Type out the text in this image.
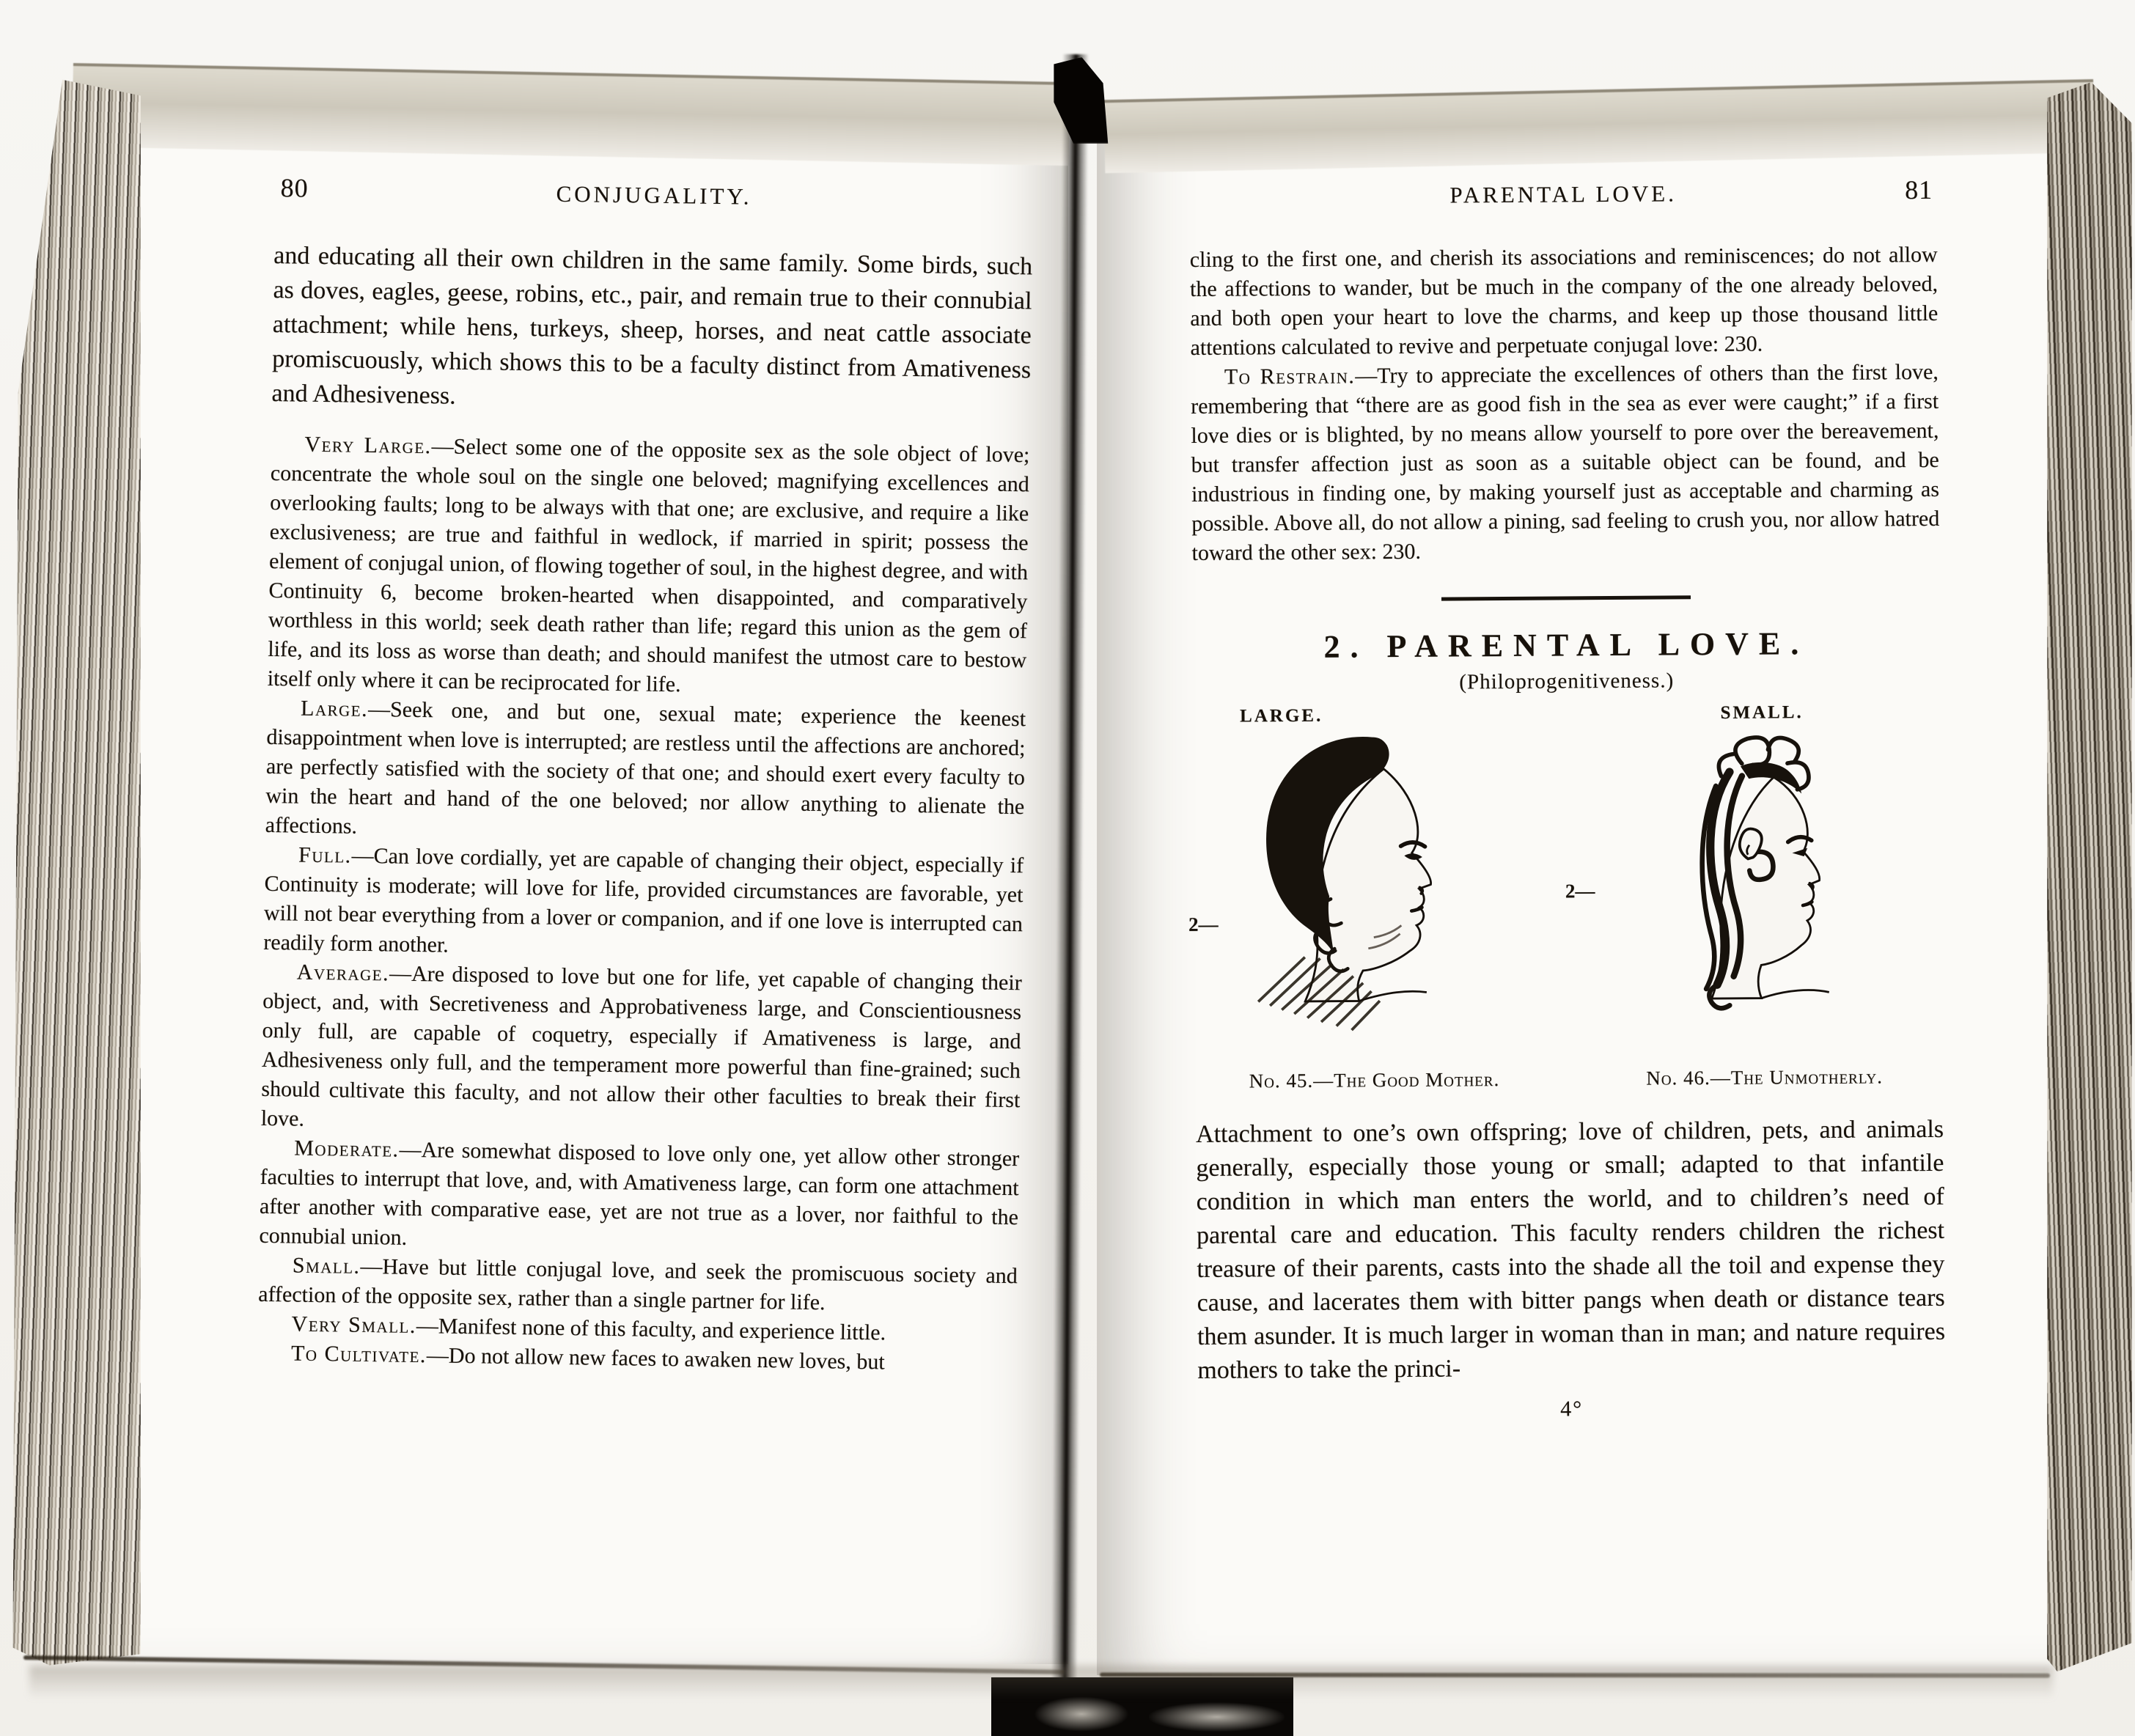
80	CONJUGALITY.

and educating all their own children in the same family. Some birds, such as doves, eagles, geese, robins, etc., pair, and remain true to their connubial attachment; while hens, turkeys, sheep, horses, and neat cattle associate promiscuously, which shows this to be a faculty distinct from Amativeness and Adhesiveness.

Very Large.—Select some one of the opposite sex as the sole object of love; concentrate the whole soul on the single one beloved; magnifying excellences and overlooking faults; long to be always with that one; are exclusive, and require a like exclusiveness; are true and faithful in wedlock, if married in spirit; possess the element of conjugal union, of flowing together of soul, in the highest degree, and with Continuity 6, become broken-hearted when disappointed, and comparatively worthless in this world; seek death rather than life; regard this union as the gem of life, and its loss as worse than death; and should manifest the utmost care to bestow itself only where it can be reciprocated for life.

Large.—Seek one, and but one, sexual mate; experience the keenest disappointment when love is interrupted; are restless until the affections are anchored; are perfectly satisfied with the society of that one; and should exert every faculty to win the heart and hand of the one beloved; nor allow anything to alienate the affections.

Full.—Can love cordially, yet are capable of changing their object, especially if Continuity is moderate; will love for life, provided circumstances are favorable, yet will not bear everything from a lover or companion, and if one love is interrupted can readily form another.

Average.—Are disposed to love but one for life, yet capable of changing their object, and, with Secretiveness and Approbativeness large, and Conscientiousness only full, are capable of coquetry, especially if Amativeness is large, and Adhesiveness only full, and the temperament more powerful than fine-grained; such should cultivate this faculty, and not allow their other faculties to break their first love.

Moderate.—Are somewhat disposed to love only one, yet allow other stronger faculties to interrupt that love, and, with Amativeness large, can form one attachment after another with comparative ease, yet are not true as a lover, nor faithful to the connubial union.

Small.—Have but little conjugal love, and seek the promiscuous society and affection of the opposite sex, rather than a single partner for life.

Very Small.—Manifest none of this faculty, and experience little.

To Cultivate.—Do not allow new faces to awaken new loves, but

PARENTAL LOVE.	81

cling to the first one, and cherish its associations and reminiscences; do not allow the affections to wander, but be much in the company of the one already beloved, and both open your heart to love the charms, and keep up those thousand little attentions calculated to revive and perpetuate conjugal love: 230.

To Restrain.—Try to appreciate the excellences of others than the first love, remembering that “there are as good fish in the sea as ever were caught;” if a first love dies or is blighted, by no means allow yourself to pore over the bereavement, but transfer affection just as soon as a suitable object can be found, and be industrious in finding one, by making yourself just as acceptable and charming as possible. Above all, do not allow a pining, sad feeling to crush you, nor allow hatred toward the other sex: 230.

2. PARENTAL LOVE.
(Philoprogenitiveness.)
LARGE.
2—
No. 45.—The Good Mother.
SMALL.
2—
No. 46.—The Unmotherly.

Attachment to one’s own offspring; love of children, pets, and animals generally, especially those young or small; adapted to that infantile condition in which man enters the world, and to children’s need of parental care and education. This faculty renders children the richest treasure of their parents, casts into the shade all the toil and expense they cause, and lacerates them with bitter pangs when death or distance tears them asunder. It is much larger in woman than in man; and nature requires mothers to take the princi-

4°
